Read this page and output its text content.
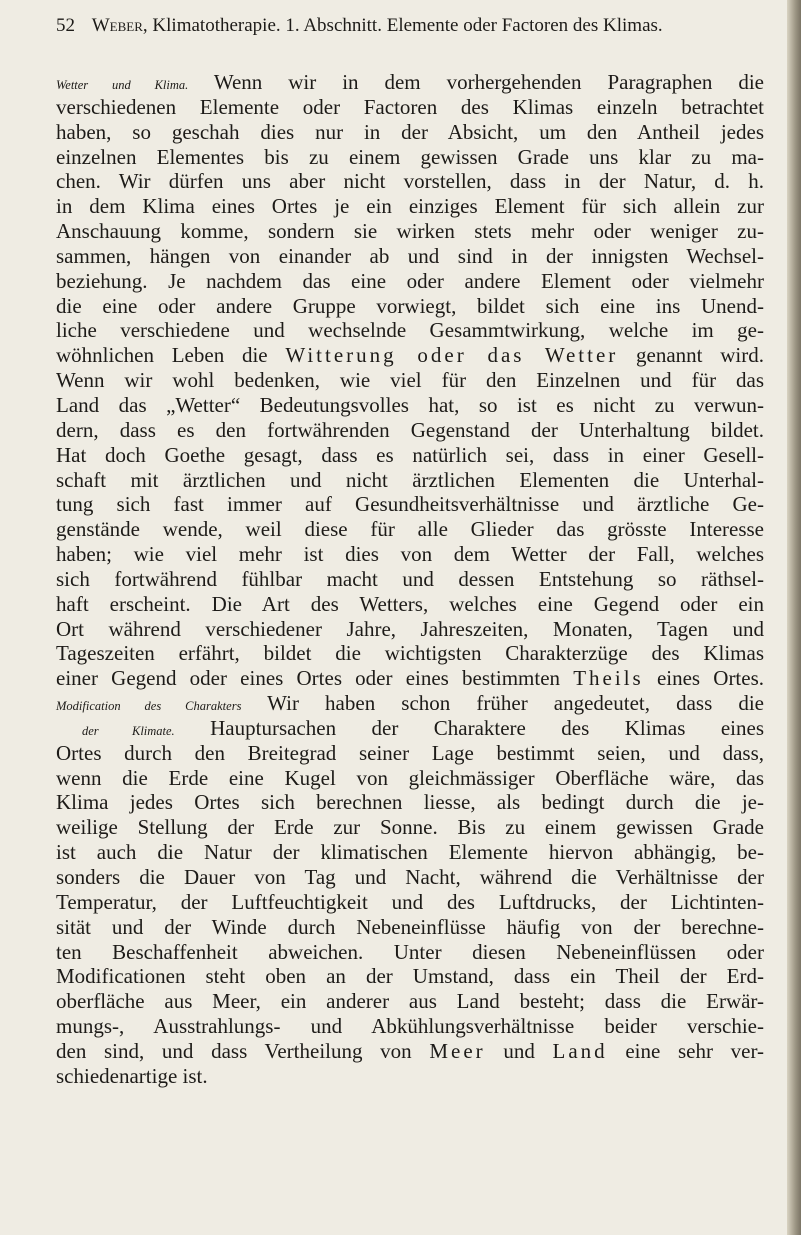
52 Weber, Klimatotherapie. 1. Abschnitt. Elemente oder Factoren des Klimas.
Wetter und Klima. Wenn wir in dem vorhergehenden Paragraphen die
verschiedenen Elemente oder Factoren des Klimas einzeln betrachtet
haben, so geschah dies nur in der Absicht, um den Antheil jedes
einzelnen Elementes bis zu einem gewissen Grade uns klar zu ma-
chen. Wir dürfen uns aber nicht vorstellen, dass in der Natur, d. h.
in dem Klima eines Ortes je ein einziges Element für sich allein zur
Anschauung komme, sondern sie wirken stets mehr oder weniger zu-
sammen, hängen von einander ab und sind in der innigsten Wechsel-
beziehung. Je nachdem das eine oder andere Element oder vielmehr
die eine oder andere Gruppe vorwiegt, bildet sich eine ins Unend-
liche verschiedene und wechselnde Gesammtwirkung, welche im ge-
wöhnlichen Leben die Witterung oder das Wetter genannt wird.
Wenn wir wohl bedenken, wie viel für den Einzelnen und für das
Land das „Wetter“ Bedeutungsvolles hat, so ist es nicht zu verwun-
dern, dass es den fortwährenden Gegenstand der Unterhaltung bildet.
Hat doch Goethe gesagt, dass es natürlich sei, dass in einer Gesell-
schaft mit ärztlichen und nicht ärztlichen Elementen die Unterhal-
tung sich fast immer auf Gesundheitsverhältnisse und ärztliche Ge-
genstände wende, weil diese für alle Glieder das grösste Interesse
haben; wie viel mehr ist dies von dem Wetter der Fall, welches
sich fortwährend fühlbar macht und dessen Entstehung so räthsel-
haft erscheint. Die Art des Wetters, welches eine Gegend oder ein
Ort während verschiedener Jahre, Jahreszeiten, Monaten, Tagen und
Tageszeiten erfährt, bildet die wichtigsten Charakterzüge des Klimas
einer Gegend oder eines Ortes oder eines bestimmten Theils eines Ortes.
Modification des Charakters Wir haben schon früher angedeutet, dass die
der Klimate. Hauptursachen der Charaktere des Klimas eines
Ortes durch den Breitegrad seiner Lage bestimmt seien, und dass,
wenn die Erde eine Kugel von gleichmässiger Oberfläche wäre, das
Klima jedes Ortes sich berechnen liesse, als bedingt durch die je-
weilige Stellung der Erde zur Sonne. Bis zu einem gewissen Grade
ist auch die Natur der klimatischen Elemente hiervon abhängig, be-
sonders die Dauer von Tag und Nacht, während die Verhältnisse der
Temperatur, der Luftfeuchtigkeit und des Luftdrucks, der Lichtinten-
sität und der Winde durch Nebeneinflüsse häufig von der berechne-
ten Beschaffenheit abweichen. Unter diesen Nebeneinflüssen oder
Modificationen steht oben an der Umstand, dass ein Theil der Erd-
oberfläche aus Meer, ein anderer aus Land besteht; dass die Erwär-
mungs-, Ausstrahlungs- und Abkühlungsverhältnisse beider verschie-
den sind, und dass Vertheilung von Meer und Land eine sehr ver-
schiedenartige ist.
